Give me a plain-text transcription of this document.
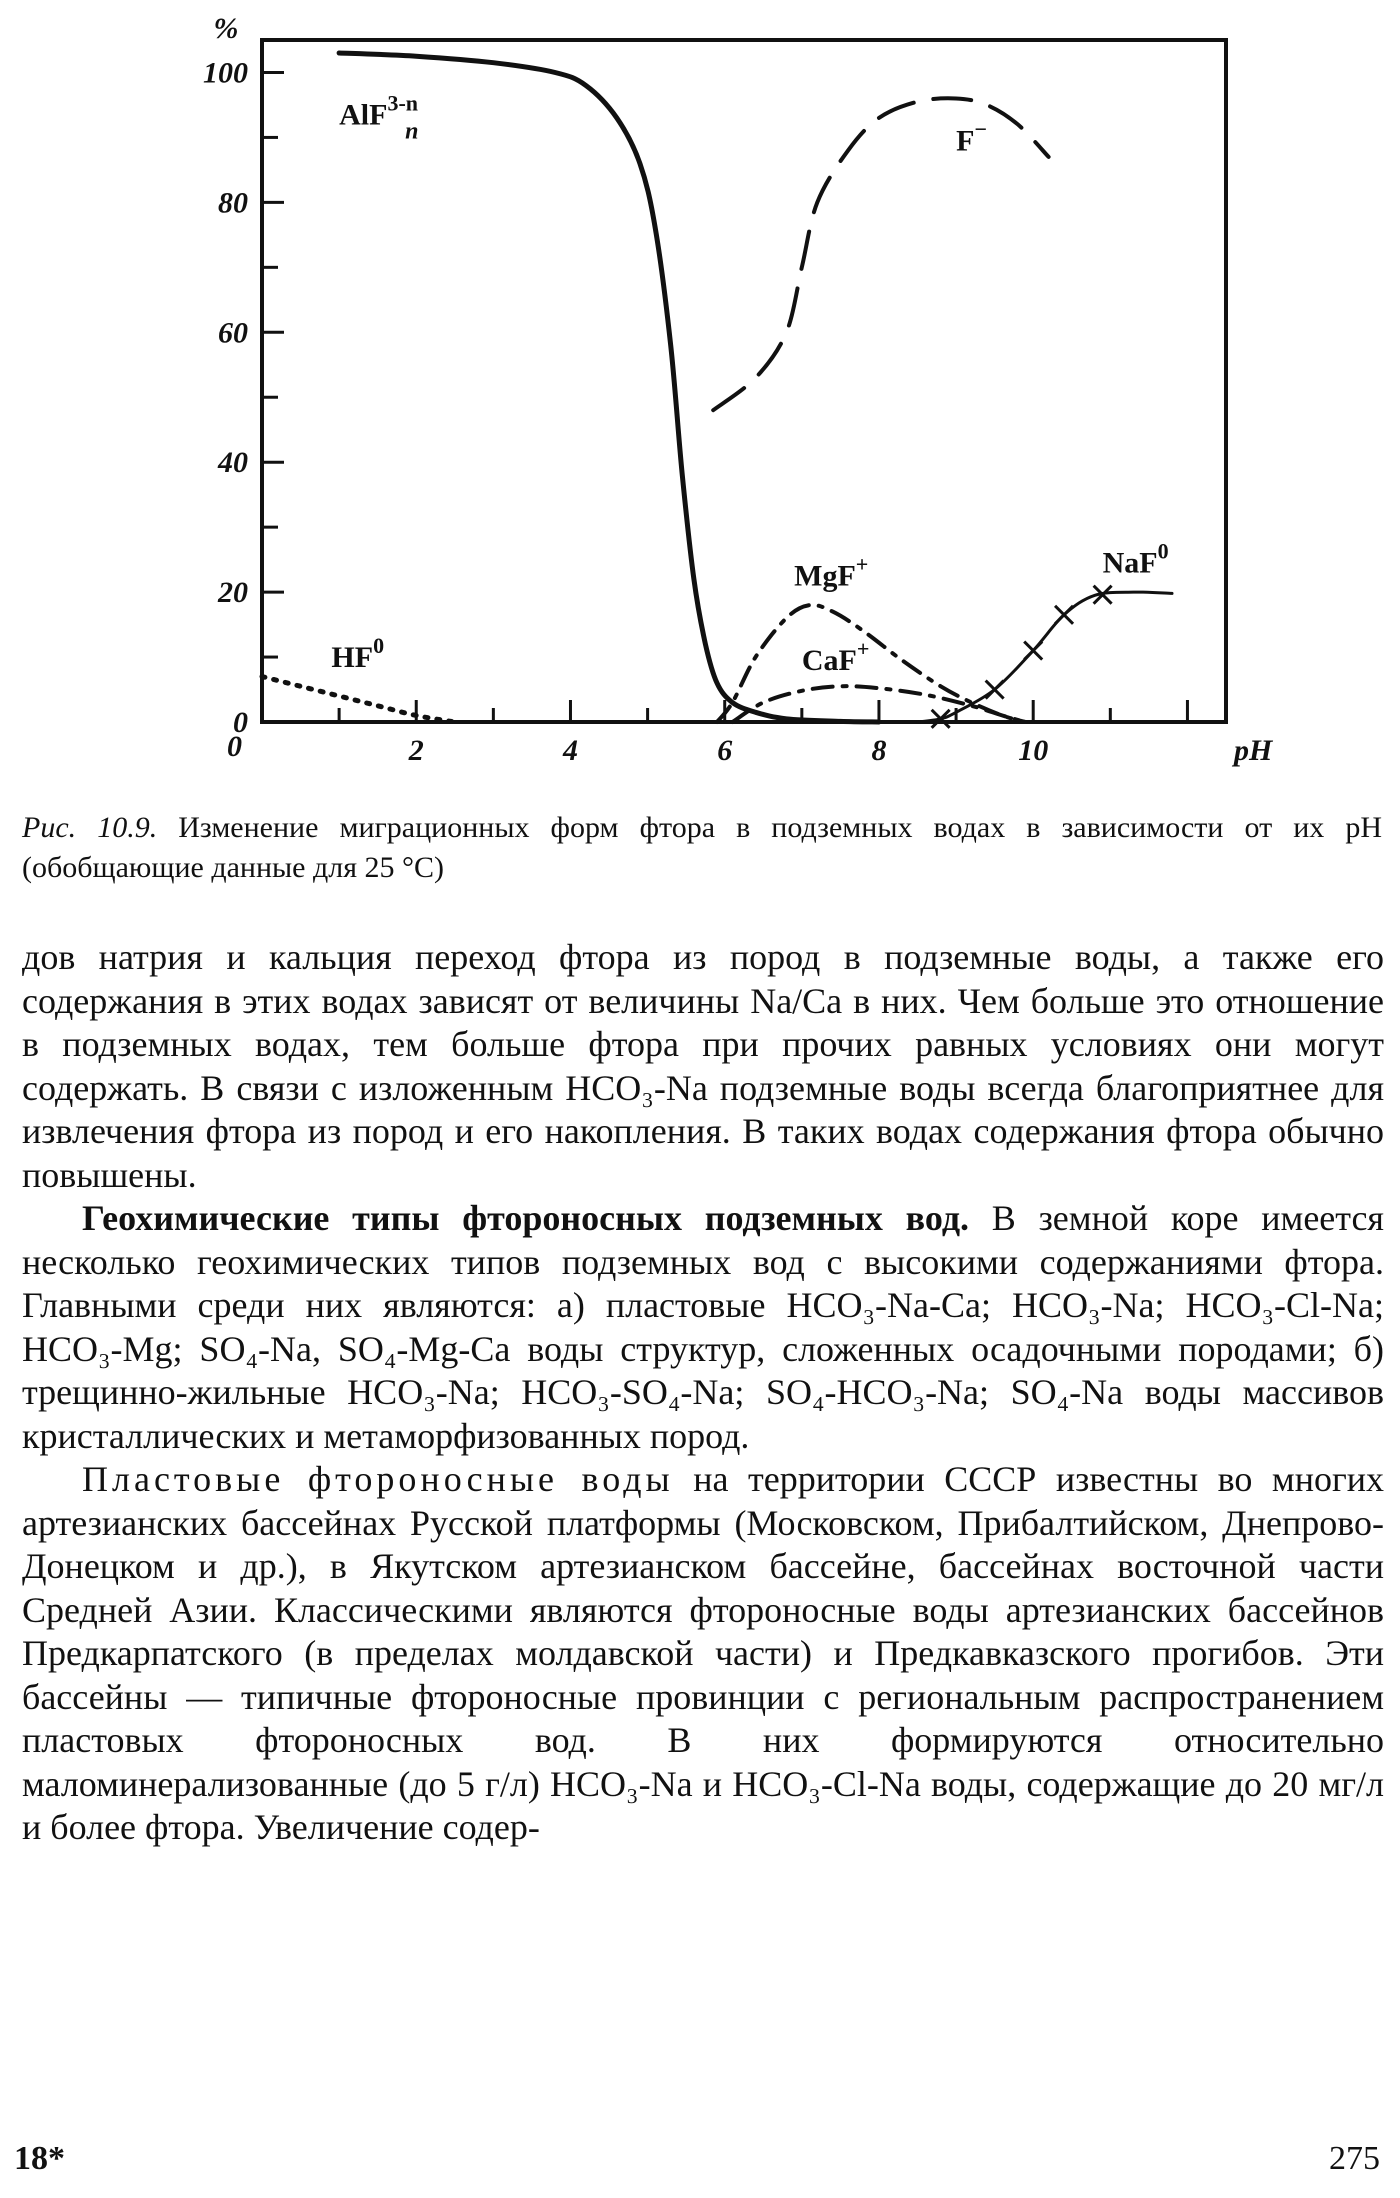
0
20
40
60
80
100
%
2	4	6	8	10	pH
0
AlF$^{3-n}$ n	F−
MgF+
CaF+
NaF$^0$
$HF^0$
Рис. 10.9. Изменение миграционных форм фтора в подземных водах в зависимости от их pH (обобщающие данные для 25 °С)

дов натрия и кальция переход фтора из пород в подземные воды, а также его содержания в этих водах зависят от величины Na/Ca в них. Чем больше это отношение в подземных водах, тем больше фтора при прочих равных условиях они могут содержать. В связи с изложенным HCO₃-Na подземные воды всегда благоприятнее для извлечения фтора из пород и его накопления. В таких водах содержания фтора обычно повышены.

Геохимические типы фтороносных подземных вод. В земной коре имеется несколько геохимических типов подземных вод с высокими содержаниями фтора. Главными среди них являются: а) пластовые HCO₃-Na-Ca; HCO₃-Na; HCO₃-Cl-Na; HCO₃-Mg; SO₄-Na, SO₄-Mg-Ca воды структур, сложенных осадочными породами; б) трещинно-жильные HCO₃-Na; HCO₃-SO₄-Na; SO₄-HCO₃-Na; SO₄-Na воды массивов кристаллических и метаморфизованных пород.

Пластовые фтороносные воды на территории СССР известны во многих артезианских бассейнах Русской платформы (Московском, Прибалтийском, Днепрово-Донецком и др.), в Якутском артезианском бассейне, бассейнах восточной части Средней Азии. Классическими являются фтороносные воды артезианских бассейнов Предкарпатского (в пределах молдавской части) и Предкавказского прогибов. Эти бассейны — типичные фтороносные провинции с региональным распространением пластовых фтороносных вод. В них формируются относительно маломинерализованные (до 5 г/л) HCO₃-Na и HCO₃-Cl-Na воды, содержащие до 20 мг/л и более фтора. Увеличение содер-

18*	275
